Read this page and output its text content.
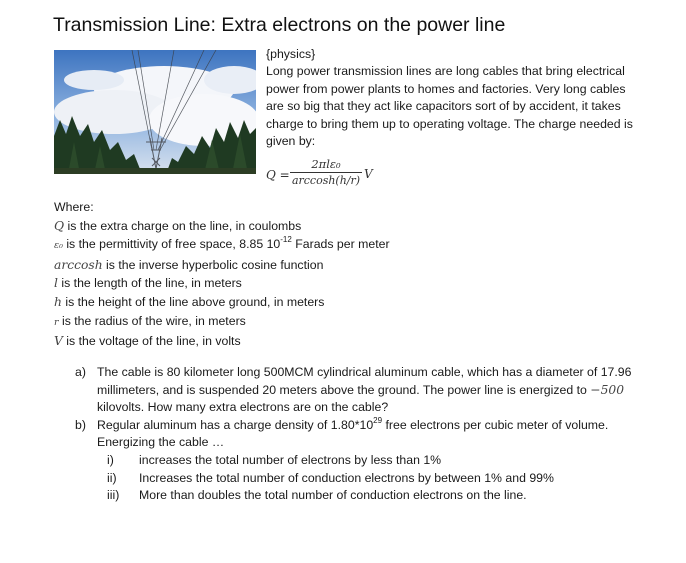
Transmission Line: Extra electrons on the power line

{physics}

Long power transmission lines are long cables that bring electrical power from power plants to homes and factories. Very long cables are so big that they act like capacitors sort of by accident, it takes charge to bring them up to operating voltage. The charge needed is given by:

Q =
2πlε₀
arccosh(h/r) V
Where:
Q is the extra charge on the line, in coulombs
ε₀ is the permittivity of free space, 8.85 $10^{-12}$ Farads per meter
arccosh is the inverse hyperbolic cosine function
l is the length of the line, in meters
h is the height of the line above ground, in meters
r is the radius of the wire, in meters
V is the voltage of the line, in volts
a) The cable is 80 kilometer long 500MCM cylindrical aluminum cable, which has a diameter of 17.96 millimeters, and is suspended 20 meters above the ground. The power line is energized to −500 kilovolts. How many extra electrons are on the cable?
b) Regular aluminum has a charge density of $1.80*10^{29}$ free electrons per cubic meter of volume. Energizing the cable …
i)	increases the total number of electrons by less than 1%
ii)	Increases the total number of conduction electrons by between 1% and 99%
iii)	More than doubles the total number of conduction electrons on the line.
